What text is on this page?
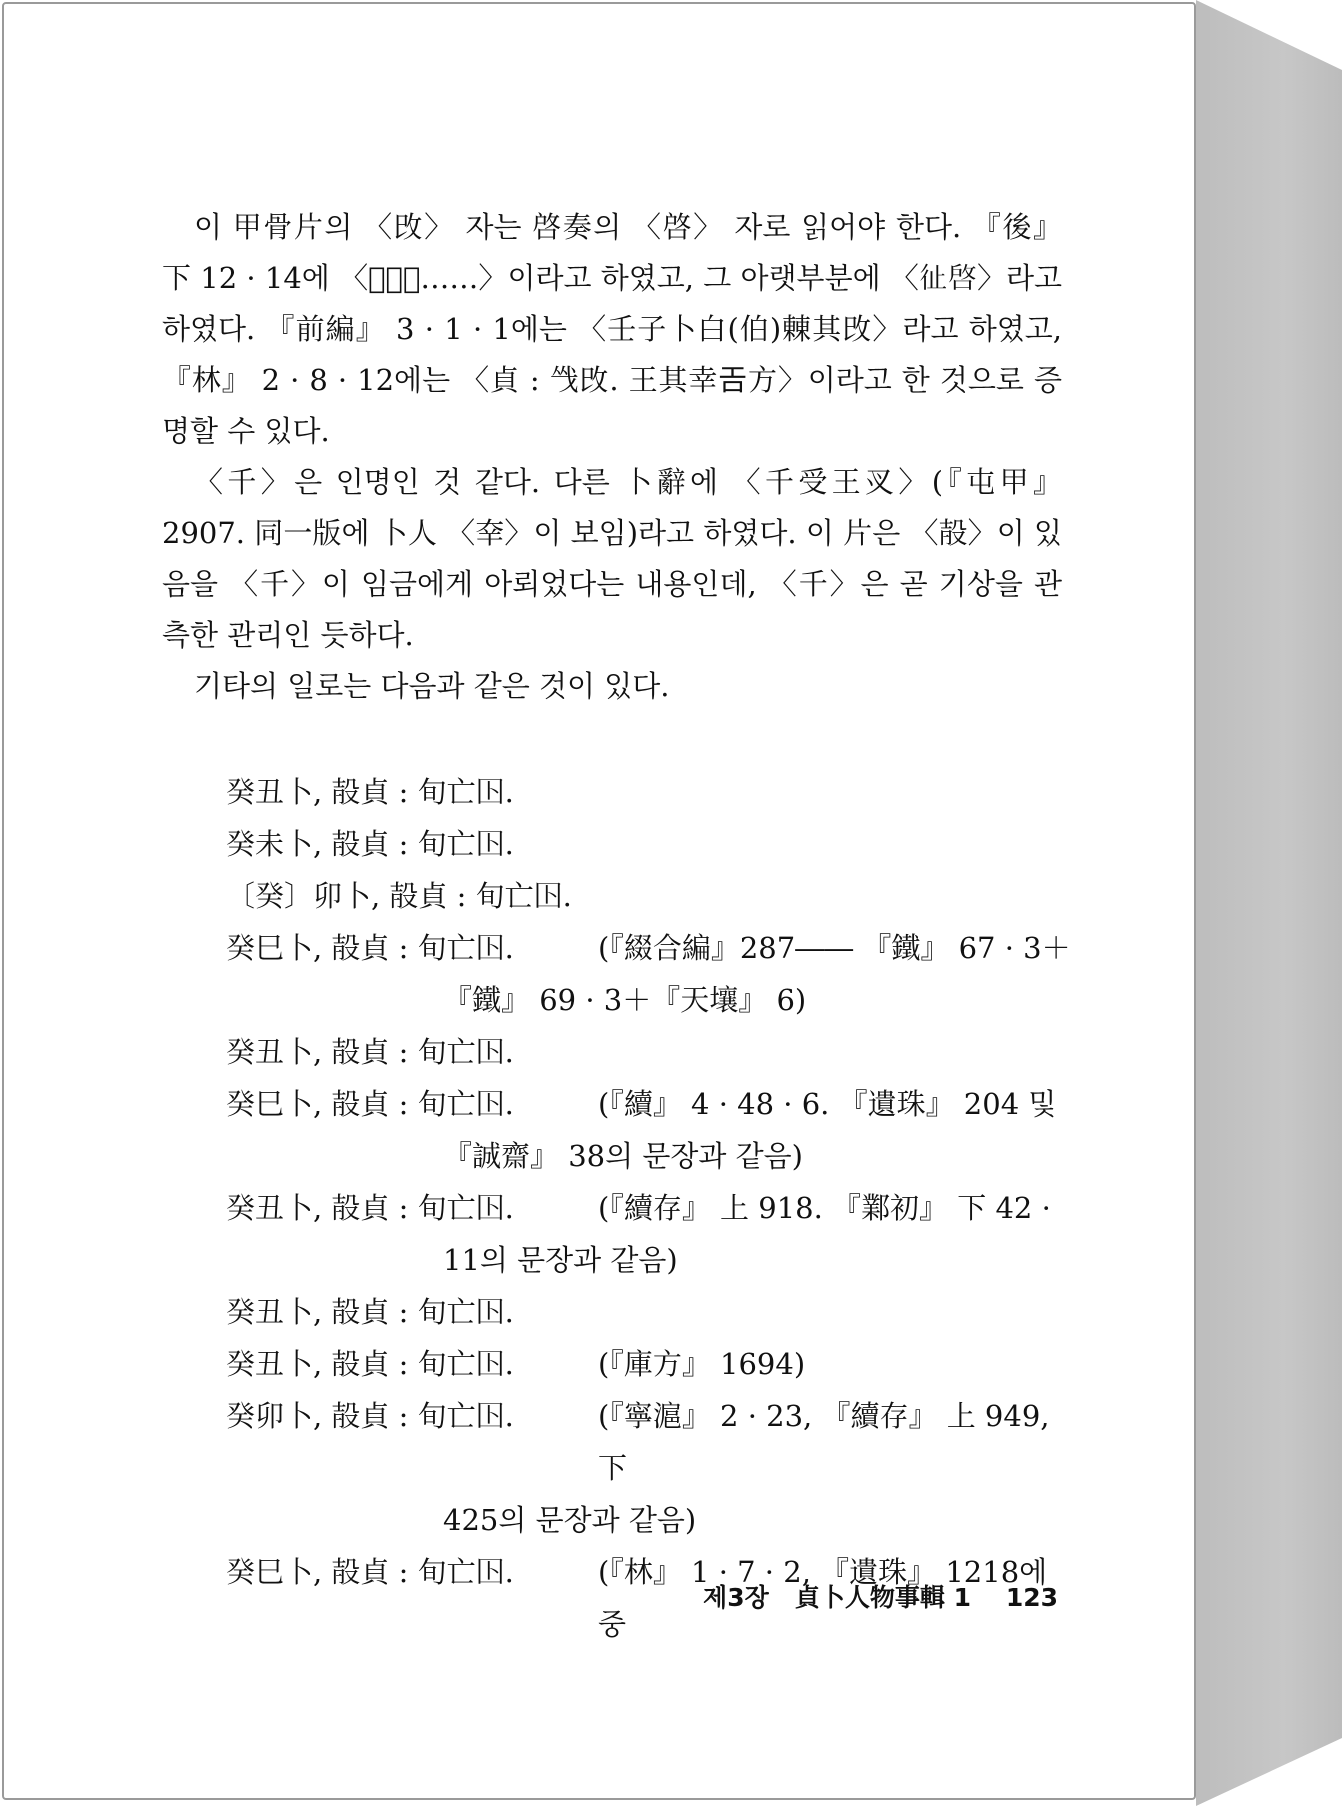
이 甲骨片의 〈攺〉 자는 啓奏의 〈啓〉 자로 읽어야 한다. 『後』 下 12 · 14에 〈𢼸爯冊……〉이라고 하였고, 그 아랫부분에 〈𢓊啓〉라고 하였다. 『前編』 3 · 1 · 1에는 〈壬子卜白(伯)㯥其攺〉라고 하였고, 『林』 2 · 8 · 12에는 〈貞 : 㦰攺. 王其幸𢀛方〉이라고 한 것으로 증명할 수 있다.

〈千〉은 인명인 것 같다. 다른 卜辭에 〈千受王㕚〉(『屯甲』 2907. 同一版에 卜人 〈㚔〉이 보임)라고 하였다. 이 片은 〈㱿〉이 있음을 〈千〉이 임금에게 아뢰었다는 내용인데, 〈千〉은 곧 기상을 관측한 관리인 듯하다.

기타의 일로는 다음과 같은 것이 있다.

癸丑卜, 㱿貞 : 旬亡𡆥.
癸未卜, 㱿貞 : 旬亡𡆥.
〔癸〕卯卜, 㱿貞 : 旬亡𡆥.
癸巳卜, 㱿貞 : 旬亡𡆥.	(『綴合編』287―― 『鐵』 67 · 3＋
『鐵』 69 · 3＋『天壤』 6)
癸丑卜, 㱿貞 : 旬亡𡆥.
癸巳卜, 㱿貞 : 旬亡𡆥.	(『續』 4 · 48 · 6. 『遺珠』 204 및
『誠齋』 38의 문장과 같음)
癸丑卜, 㱿貞 : 旬亡𡆥.	(『續存』 上 918. 『鄴初』 下 42 ·
11의 문장과 같음)
癸丑卜, 㱿貞 : 旬亡𡆥.
癸丑卜, 㱿貞 : 旬亡𡆥.	(『庫方』 1694)
癸卯卜, 㱿貞 : 旬亡𡆥.	(『寧滬』 2 · 23, 『續存』 上 949, 下
425의 문장과 같음)
癸巳卜, 㱿貞 : 旬亡𡆥.	(『林』 1 · 7 · 2, 『遺珠』 1218에 중
제3장 貞卜人物事輯 1 123
